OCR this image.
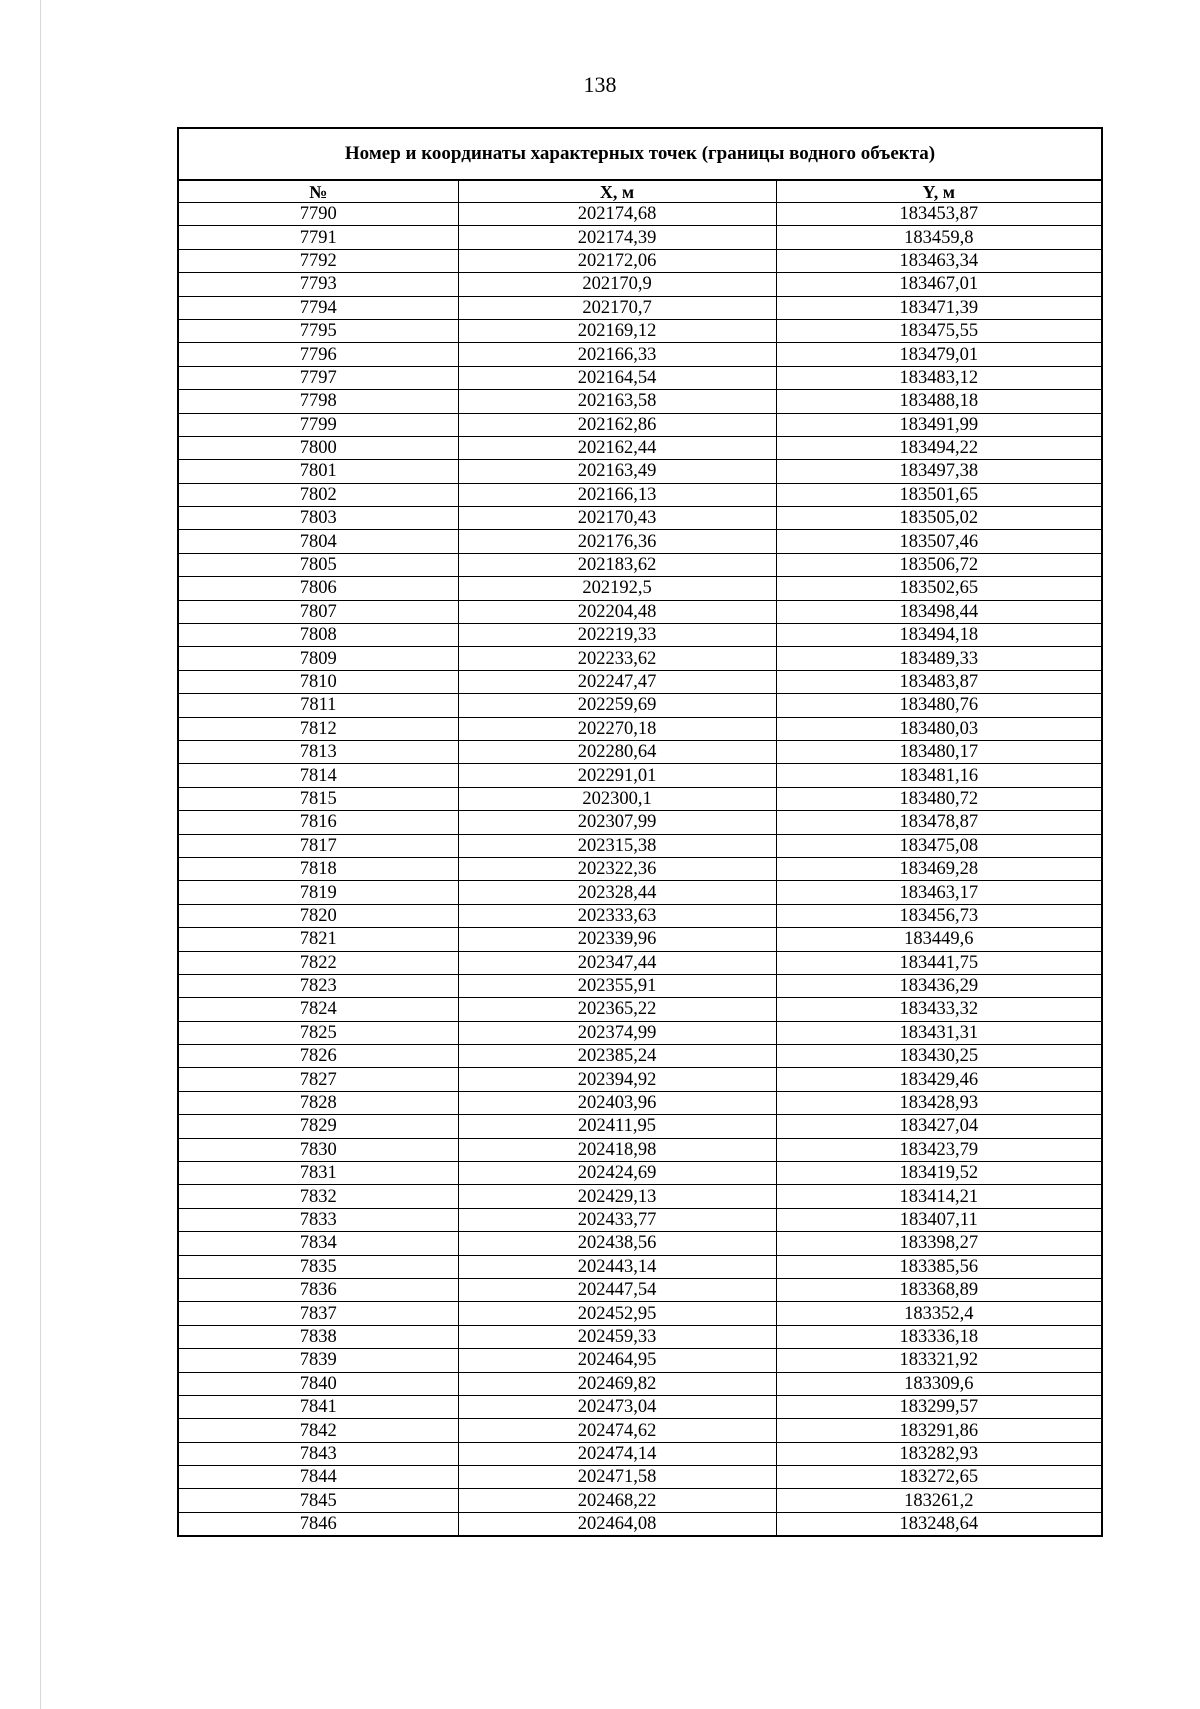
138
Номер и координаты характерных точек (границы водного объекта)		
№	X, м	Y, м
7790	202174,68	183453,87
7791	202174,39	183459,8
7792	202172,06	183463,34
7793	202170,9	183467,01
7794	202170,7	183471,39
7795	202169,12	183475,55
7796	202166,33	183479,01
7797	202164,54	183483,12
7798	202163,58	183488,18
7799	202162,86	183491,99
7800	202162,44	183494,22
7801	202163,49	183497,38
7802	202166,13	183501,65
7803	202170,43	183505,02
7804	202176,36	183507,46
7805	202183,62	183506,72
7806	202192,5	183502,65
7807	202204,48	183498,44
7808	202219,33	183494,18
7809	202233,62	183489,33
7810	202247,47	183483,87
7811	202259,69	183480,76
7812	202270,18	183480,03
7813	202280,64	183480,17
7814	202291,01	183481,16
7815	202300,1	183480,72
7816	202307,99	183478,87
7817	202315,38	183475,08
7818	202322,36	183469,28
7819	202328,44	183463,17
7820	202333,63	183456,73
7821	202339,96	183449,6
7822	202347,44	183441,75
7823	202355,91	183436,29
7824	202365,22	183433,32
7825	202374,99	183431,31
7826	202385,24	183430,25
7827	202394,92	183429,46
7828	202403,96	183428,93
7829	202411,95	183427,04
7830	202418,98	183423,79
7831	202424,69	183419,52
7832	202429,13	183414,21
7833	202433,77	183407,11
7834	202438,56	183398,27
7835	202443,14	183385,56
7836	202447,54	183368,89
7837	202452,95	183352,4
7838	202459,33	183336,18
7839	202464,95	183321,92
7840	202469,82	183309,6
7841	202473,04	183299,57
7842	202474,62	183291,86
7843	202474,14	183282,93
7844	202471,58	183272,65
7845	202468,22	183261,2
7846	202464,08	183248,64
